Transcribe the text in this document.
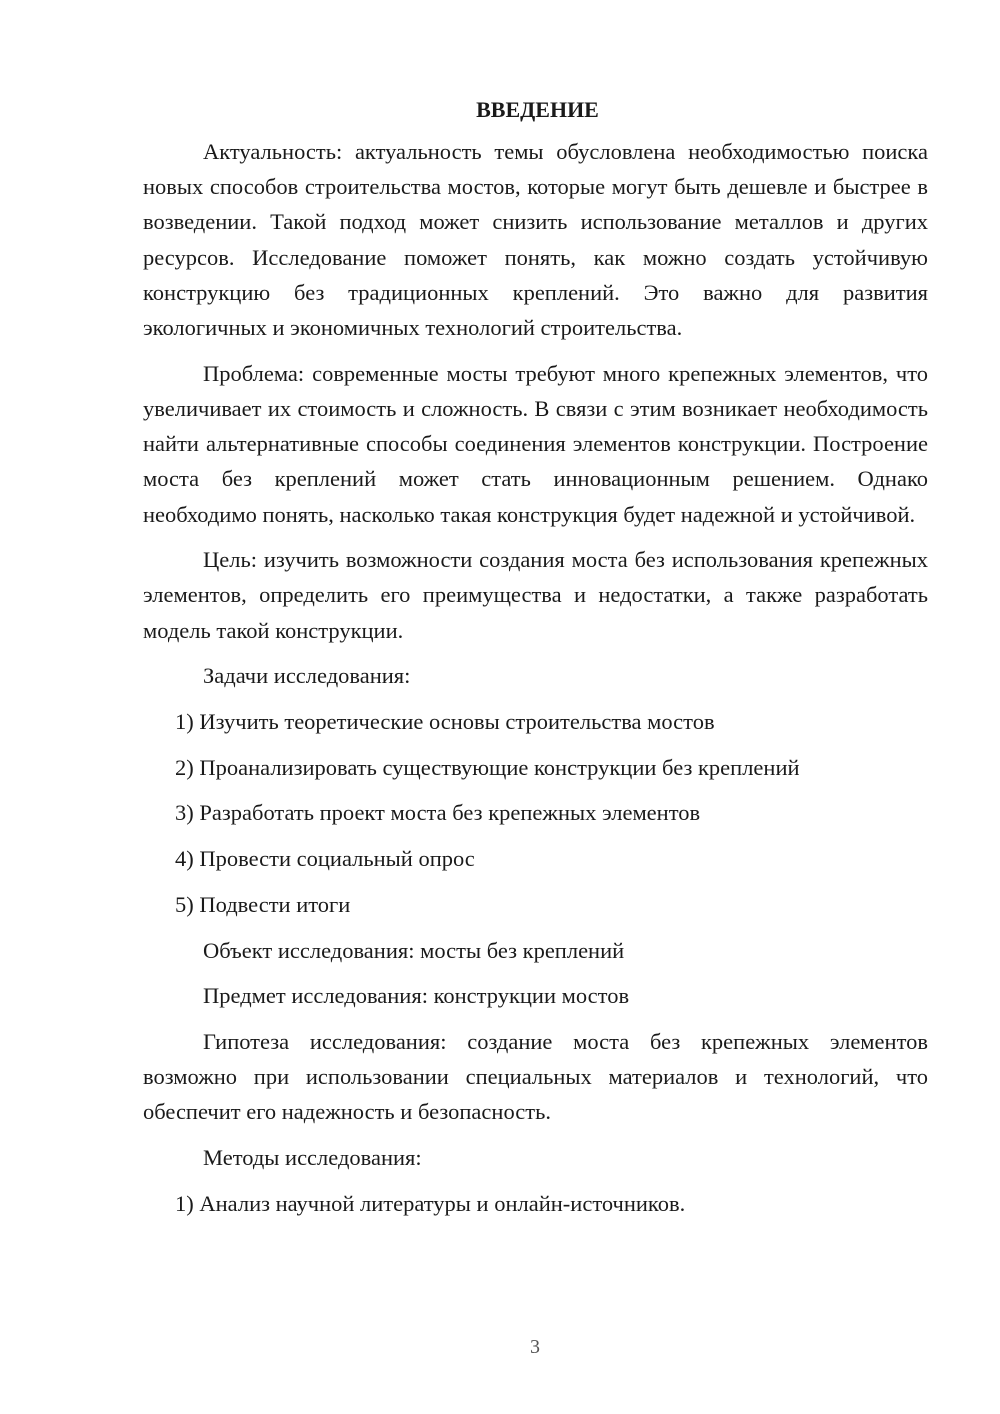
ВВЕДЕНИЕ

Актуальность: актуальность темы обусловлена необходимостью поиска новых способов строительства мостов, которые могут быть дешевле и быстрее в возведении. Такой подход может снизить использование металлов и других ресурсов. Исследование поможет понять, как можно создать устойчивую конструкцию без традиционных креплений. Это важно для развития экологичных и экономичных технологий строительства.

Проблема: современные мосты требуют много крепежных элементов, что увеличивает их стоимость и сложность. В связи с этим возникает необходимость найти альтернативные способы соединения элементов конструкции. Построение моста без креплений может стать инновационным решением. Однако необходимо понять, насколько такая конструкция будет надежной и устойчивой.

Цель: изучить возможности создания моста без использования крепежных элементов, определить его преимущества и недостатки, а также разработать модель такой конструкции.

Задачи исследования:
1) Изучить теоретические основы строительства мостов
2) Проанализировать существующие конструкции без креплений
3) Разработать проект моста без крепежных элементов
4) Провести социальный опрос
5) Подвести итоги
Объект исследования: мосты без креплений
Предмет исследования: конструкции мостов

Гипотеза исследования: создание моста без крепежных элементов возможно при использовании специальных материалов и технологий, что обеспечит его надежность и безопасность.

Методы исследования:
1) Анализ научной литературы и онлайн-источников.
3
